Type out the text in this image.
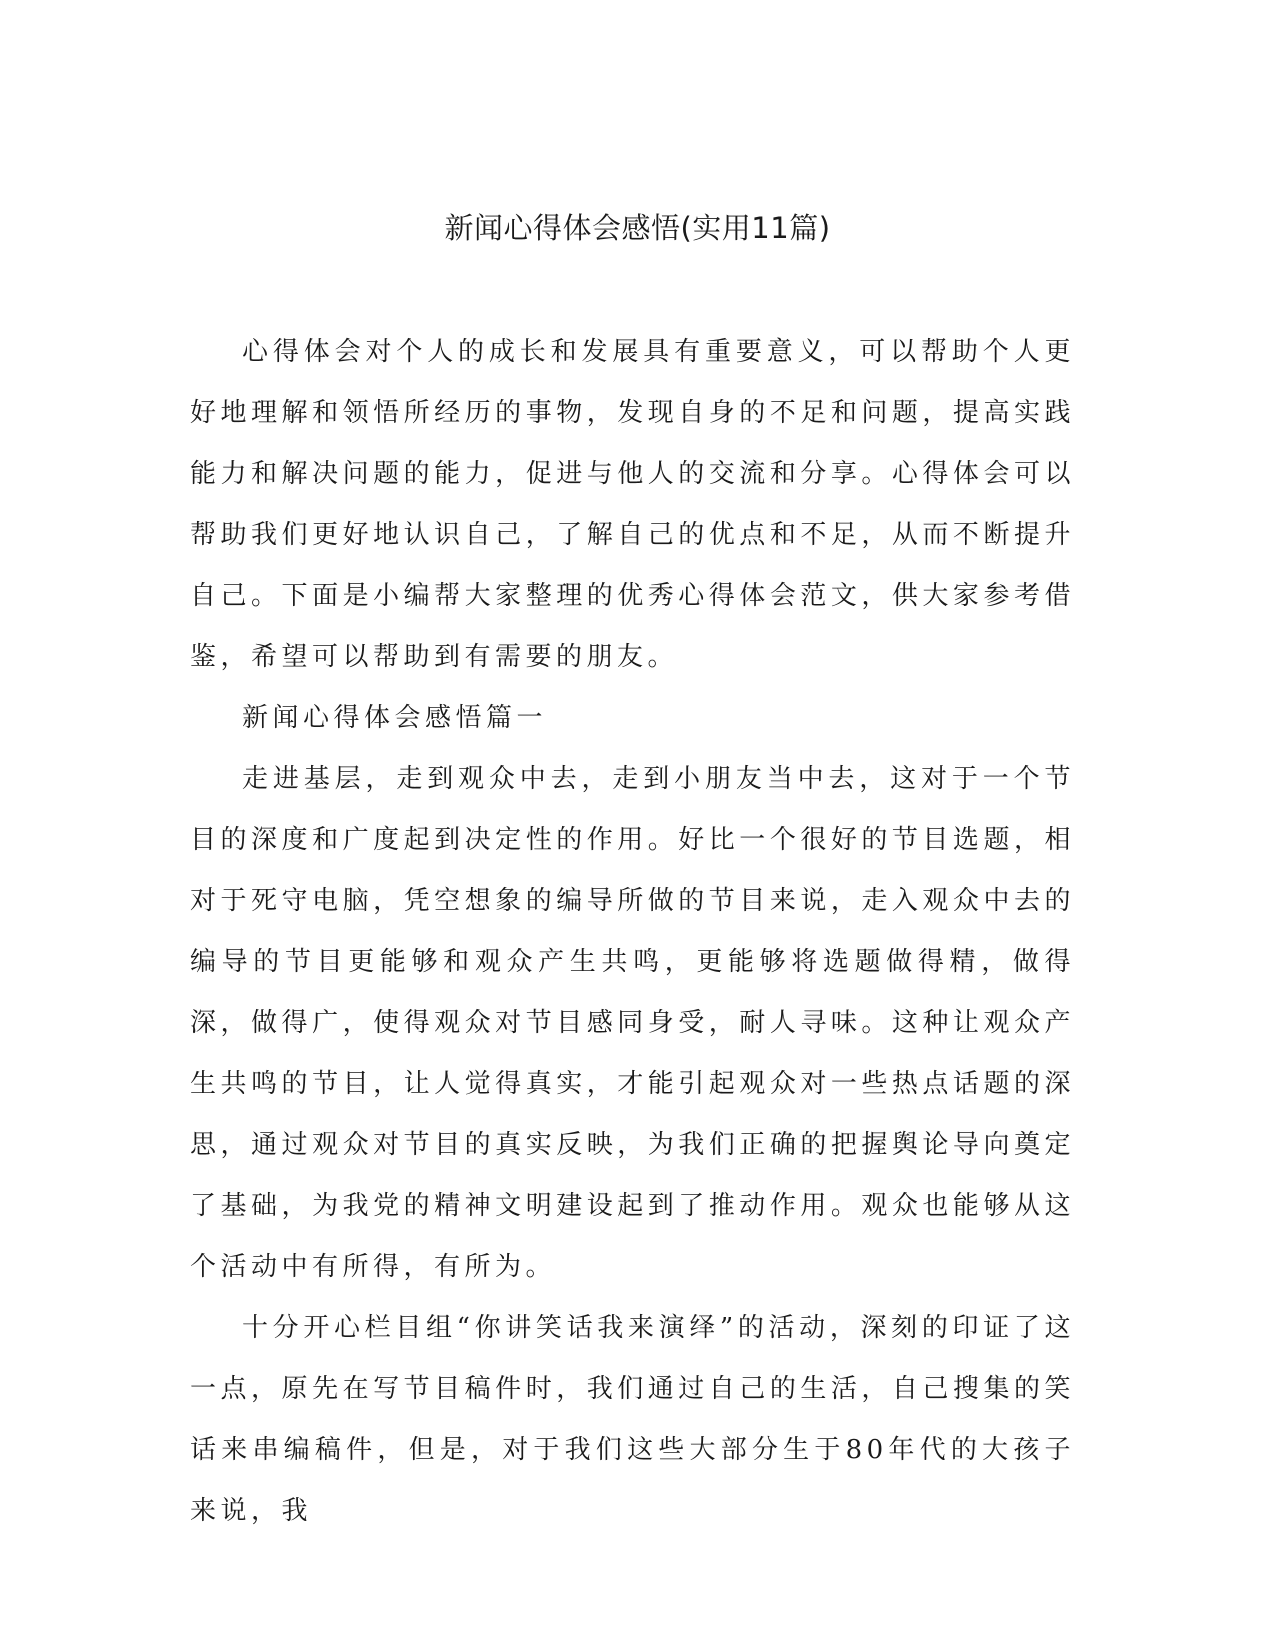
新闻心得体会感悟(实用11篇)

心得体会对个人的成长和发展具有重要意义，可以帮助个人更好地理解和领悟所经历的事物，发现自身的不足和问题，提高实践能力和解决问题的能力，促进与他人的交流和分享。心得体会可以帮助我们更好地认识自己，了解自己的优点和不足，从而不断提升自己。下面是小编帮大家整理的优秀心得体会范文，供大家参考借鉴，希望可以帮助到有需要的朋友。

新闻心得体会感悟篇一

走进基层，走到观众中去，走到小朋友当中去，这对于一个节目的深度和广度起到决定性的作用。好比一个很好的节目选题，相对于死守电脑，凭空想象的编导所做的节目来说，走入观众中去的编导的节目更能够和观众产生共鸣，更能够将选题做得精，做得深，做得广，使得观众对节目感同身受，耐人寻味。这种让观众产生共鸣的节目，让人觉得真实，才能引起观众对一些热点话题的深思，通过观众对节目的真实反映，为我们正确的把握舆论导向奠定了基础，为我党的精神文明建设起到了推动作用。观众也能够从这个活动中有所得，有所为。

十分开心栏目组“你讲笑话我来演绎”的活动，深刻的印证了这一点，原先在写节目稿件时，我们通过自己的生活，自己搜集的笑话来串编稿件，但是，对于我们这些大部分生于80年代的大孩子来说，我
